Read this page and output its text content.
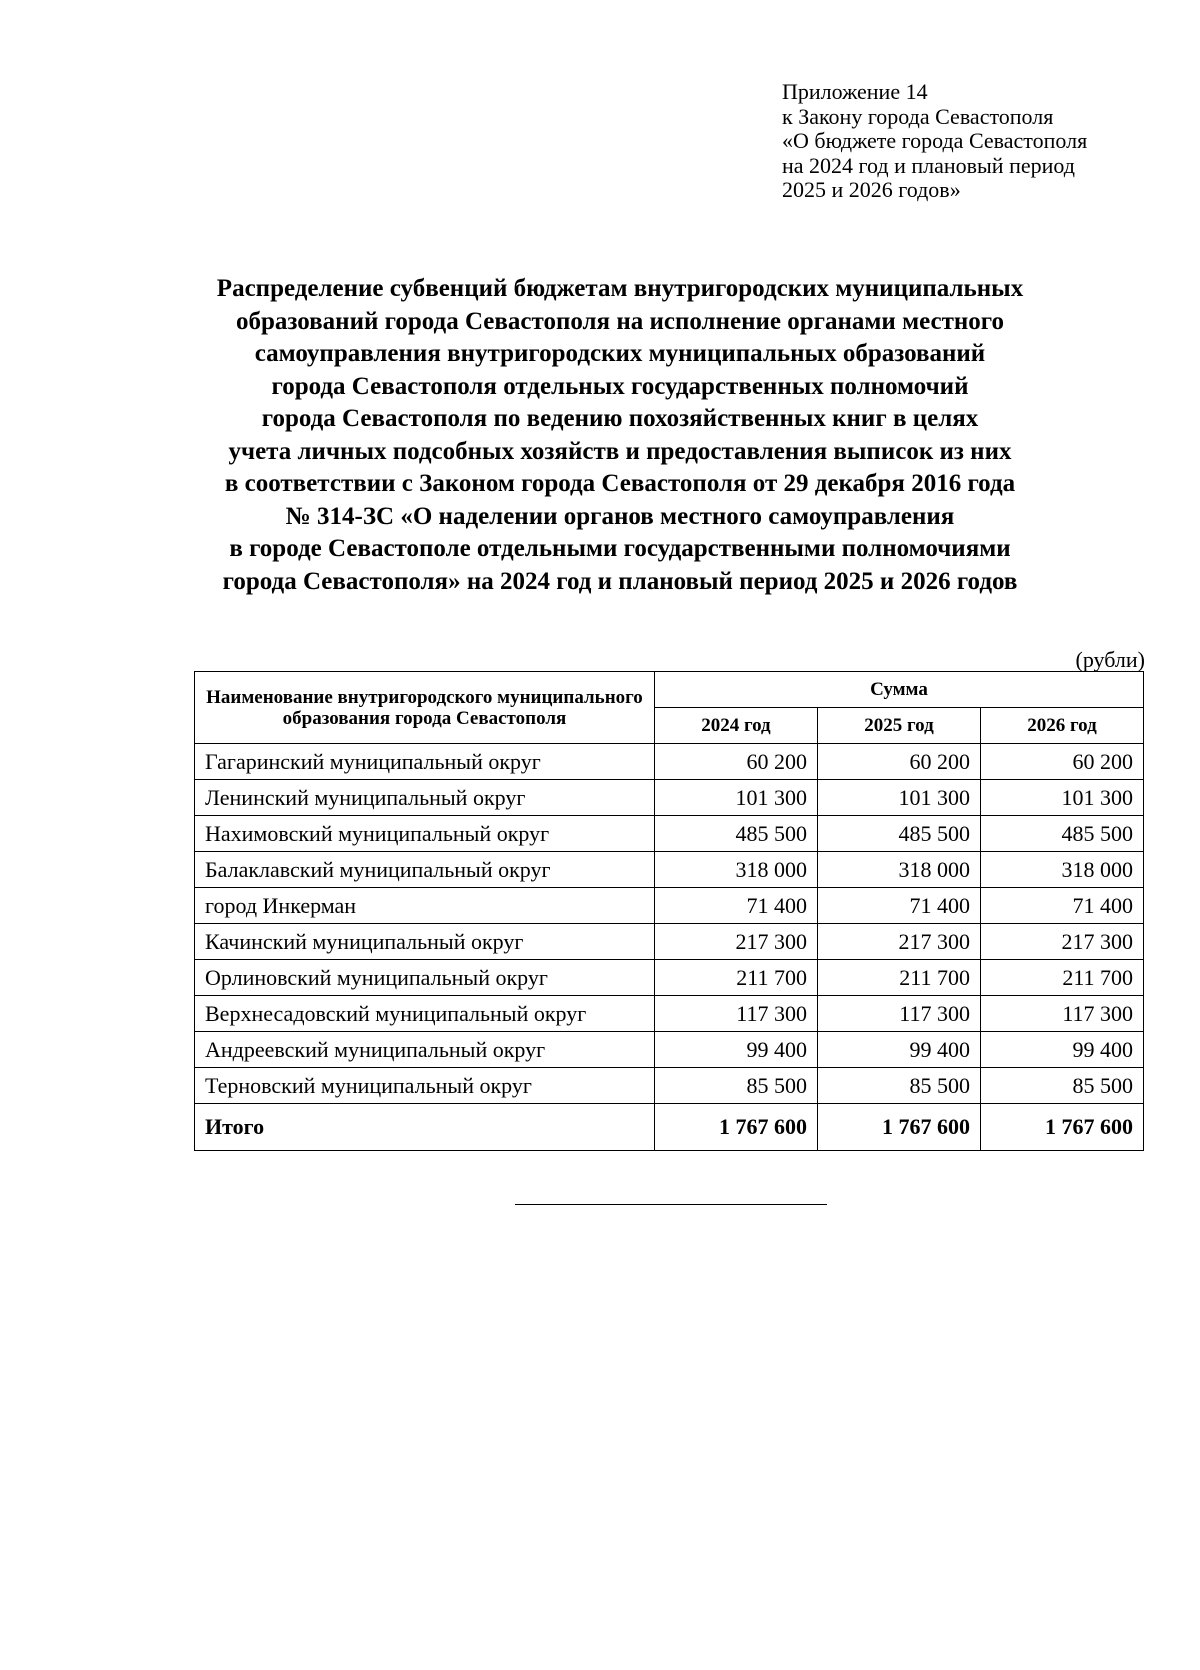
Приложение 14
к Закону города Севастополя
«О бюджете города Севастополя
на 2024 год и плановый период
2025 и 2026 годов»
Распределение субвенций бюджетам внутригородских муниципальных
образований города Севастополя на исполнение органами местного
самоуправления внутригородских муниципальных образований
города Севастополя отдельных государственных полномочий
города Севастополя по ведению похозяйственных книг в целях
учета личных подсобных хозяйств и предоставления выписок из них
в соответствии с Законом города Севастополя от 29 декабря 2016 года
№ 314-ЗС «О наделении органов местного самоуправления
в городе Севастополе отдельными государственными полномочиями
города Севастополя» на 2024 год и плановый период 2025 и 2026 годов
(рубли)
Наименование внутригородского муниципального образования города Севастополя	Сумма		
	2024 год	2025 год	2026 год
Гагаринский муниципальный округ	60 200	60 200	60 200
Ленинский муниципальный округ	101 300	101 300	101 300
Нахимовский муниципальный округ	485 500	485 500	485 500
Балаклавский муниципальный округ	318 000	318 000	318 000
город Инкерман	71 400	71 400	71 400
Качинский муниципальный округ	217 300	217 300	217 300
Орлиновский муниципальный округ	211 700	211 700	211 700
Верхнесадовский муниципальный округ	117 300	117 300	117 300
Андреевский муниципальный округ	99 400	99 400	99 400
Терновский муниципальный округ	85 500	85 500	85 500
Итого	1 767 600	1 767 600	1 767 600
